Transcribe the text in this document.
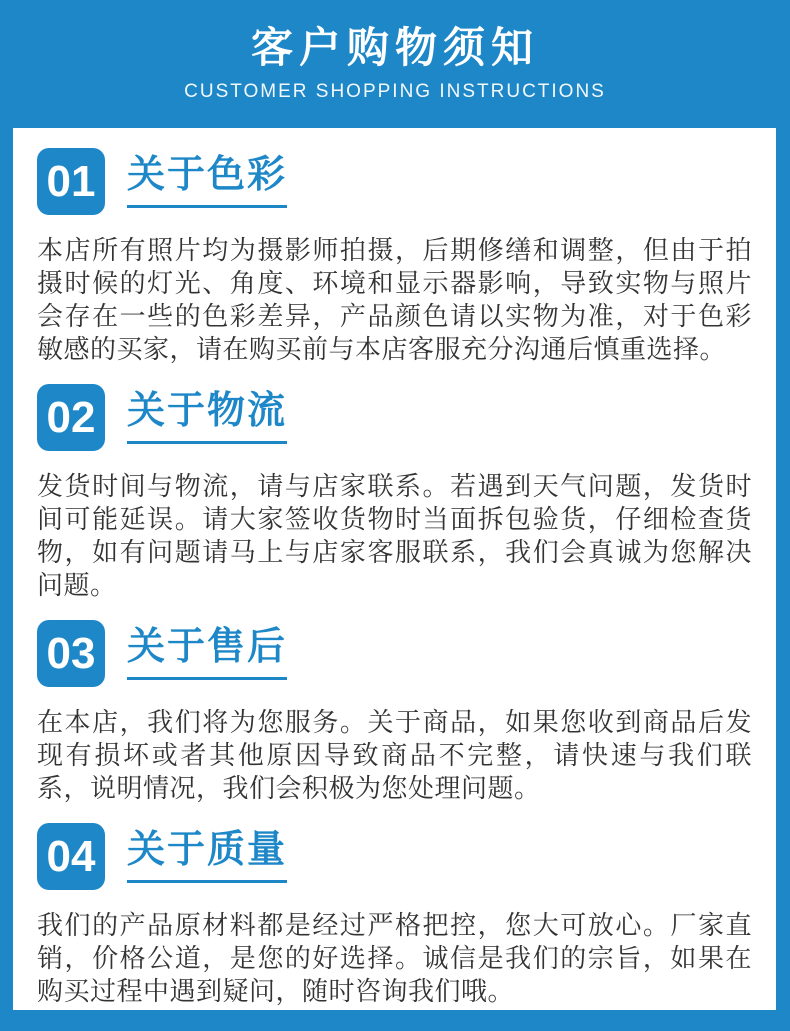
客户购物须知
CUSTOMER SHOPPING INSTRUCTIONS
01 关于色彩

本店所有照片均为摄影师拍摄，后期修缮和调整，但由于拍摄时候的灯光、角度、环境和显示器影响，导致实物与照片会存在一些的色彩差异，产品颜色请以实物为准，对于色彩敏感的买家，请在购买前与本店客服充分沟通后慎重选择。

02 关于物流

发货时间与物流，请与店家联系。若遇到天气问题，发货时间可能延误。请大家签收货物时当面拆包验货，仔细检查货物，如有问题请马上与店家客服联系，我们会真诚为您解决问题。

03 关于售后

在本店，我们将为您服务。关于商品，如果您收到商品后发现有损坏或者其他原因导致商品不完整，请快速与我们联系，说明情况，我们会积极为您处理问题。

04 关于质量

我们的产品原材料都是经过严格把控，您大可放心。厂家直销，价格公道，是您的好选择。诚信是我们的宗旨，如果在购买过程中遇到疑问，随时咨询我们哦。
